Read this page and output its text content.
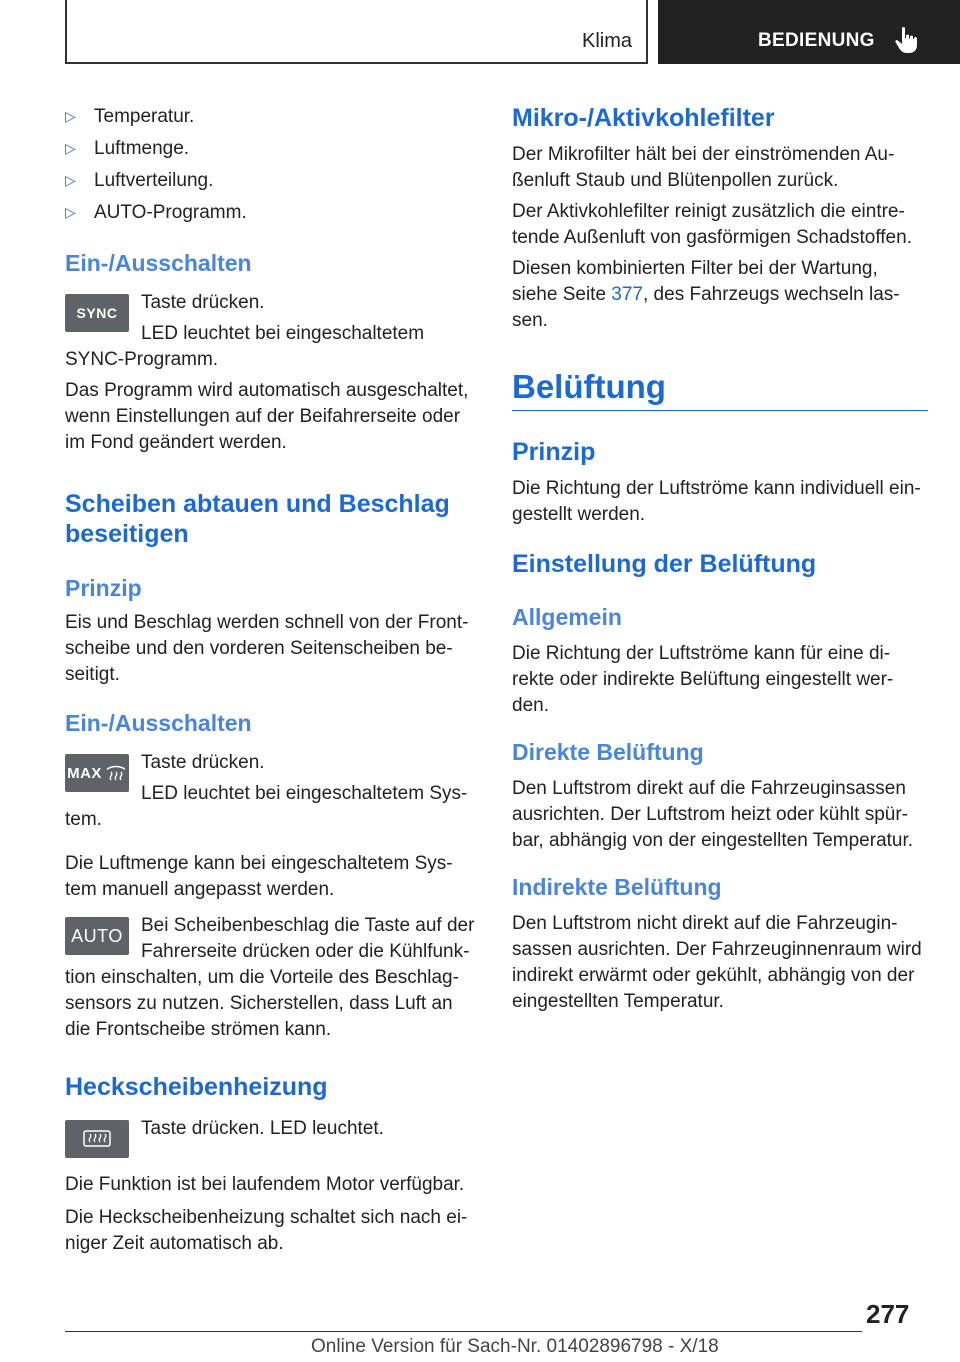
Klima	BEDIENUNG
▷ Temperatur.
▷ Luftmenge.
▷ Luftverteilung.
▷ AUTO-Programm.
Ein-/Ausschalten
SYNC Taste drücken.
LED leuchtet bei eingeschaltetem
SYNC-Programm.
Das Programm wird automatisch ausgeschaltet,
wenn Einstellungen auf der Beifahrerseite oder
im Fond geändert werden.
Scheiben abtauen und Beschlag
beseitigen
Prinzip
Eis und Beschlag werden schnell von der Front-
scheibe und den vorderen Seitenscheiben be-
seitigt.
Ein-/Ausschalten
MAX Taste drücken.
LED leuchtet bei eingeschaltetem Sys-
tem.
Die Luftmenge kann bei eingeschaltetem Sys-
tem manuell angepasst werden.
AUTO Bei Scheibenbeschlag die Taste auf der
Fahrerseite drücken oder die Kühlfunk-
tion einschalten, um die Vorteile des Beschlag-
sensors zu nutzen. Sicherstellen, dass Luft an
die Frontscheibe strömen kann.
Heckscheibenheizung
Taste drücken. LED leuchtet.
Die Funktion ist bei laufendem Motor verfügbar.
Die Heckscheibenheizung schaltet sich nach ei-
niger Zeit automatisch ab.
Mikro-/Aktivkohlefilter
Der Mikrofilter hält bei der einströmenden Au-
ßenluft Staub und Blütenpollen zurück.
Der Aktivkohlefilter reinigt zusätzlich die eintre-
tende Außenluft von gasförmigen Schadstoffen.
Diesen kombinierten Filter bei der Wartung,
siehe Seite 377, des Fahrzeugs wechseln las-
sen.
Belüftung
Prinzip
Die Richtung der Luftströme kann individuell ein-
gestellt werden.
Einstellung der Belüftung
Allgemein
Die Richtung der Luftströme kann für eine di-
rekte oder indirekte Belüftung eingestellt wer-
den.
Direkte Belüftung
Den Luftstrom direkt auf die Fahrzeuginsassen
ausrichten. Der Luftstrom heizt oder kühlt spür-
bar, abhängig von der eingestellten Temperatur.
Indirekte Belüftung
Den Luftstrom nicht direkt auf die Fahrzeugin-
sassen ausrichten. Der Fahrzeuginnenraum wird
indirekt erwärmt oder gekühlt, abhängig von der
eingestellten Temperatur.
277
Online Version für Sach-Nr. 01402896798 - X/18
